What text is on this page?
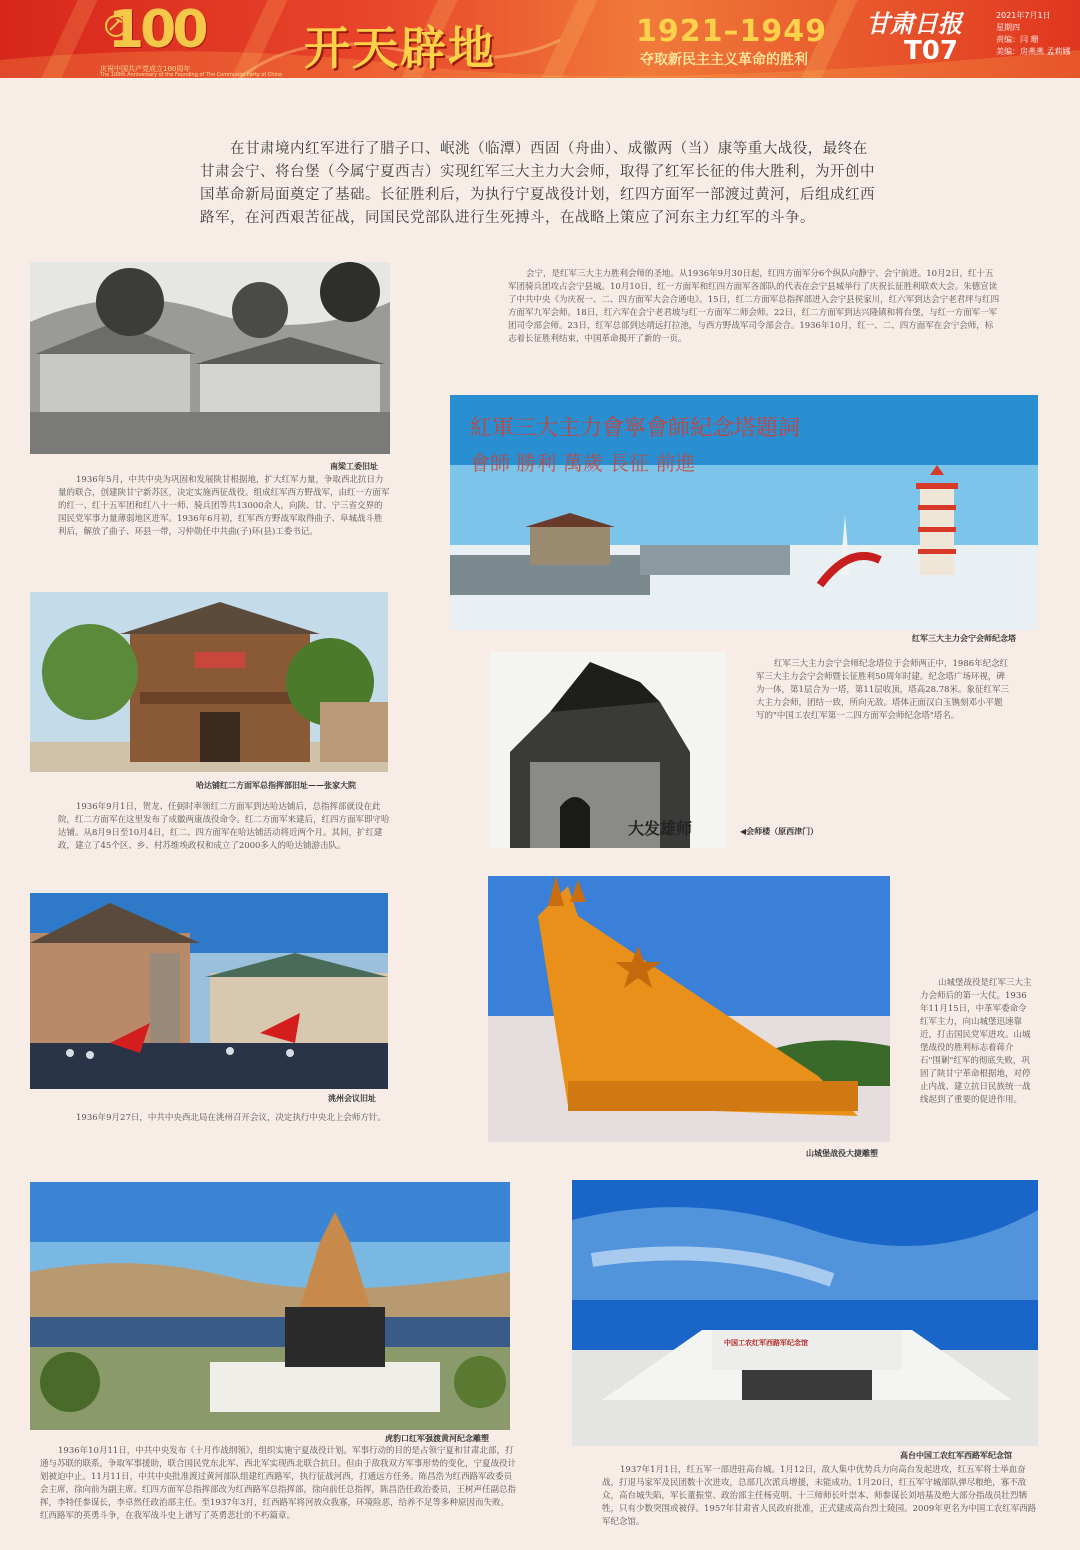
100
庆祝中国共产党成立100周年
The 100th Anniversary of the Founding of The Communist Party of China 开天辟地	1921–1949
夺取新民主主义革命的胜利
甘肃日报
T07
2021年7月1日
星期四
责编：闫 珊
美编：房燕燕 孟莉娜
在甘肃境内红军进行了腊子口、岷洮（临潭）西固（舟曲）、成徽两（当）康等重大战役，最终在甘肃会宁、将台堡（今属宁夏西吉）实现红军三大主力大会师，取得了红军长征的伟大胜利，为开创中国革命新局面奠定了基础。长征胜利后，为执行宁夏战役计划，红四方面军一部渡过黄河，后组成红西路军，在河西艰苦征战，同国民党部队进行生死搏斗，在战略上策应了河东主力红军的斗争。
南梁工委旧址
1936年5月，中共中央为巩固和发展陕甘根据地，扩大红军力量，争取西北抗日力量的联合，创建陕甘宁新苏区，决定实施西征战役。组成红军西方野战军，由红一方面军的红一、红十五军团和红八十一师、骑兵团等共13000余人，向陕、甘、宁三省交界的国民党军事力量薄弱地区进军。1936年6月初，红军西方野战军取得曲子、阜城战斗胜利后，解放了曲子、环县一带，习仲勋任中共曲(子)环(县)工委书记。
会宁，是红军三大主力胜利会师的圣地。从1936年9月30日起，红四方面军分6个纵队向静宁、会宁前进。10月2日，红十五军团骑兵团攻占会宁县城。10月10日，红一方面军和红四方面军各部队的代表在会宁县城举行了庆祝长征胜利联欢大会。朱德宣读了中共中央《为庆祝一、二、四方面军大会合通电》。15日，红二方面军总指挥部进入会宁县侯家川，红六军到达会宁老君坪与红四方面军九军会师。18日，红六军在会宁老君坡与红一方面军二师会师。22日，红二方面军到达兴隆镇和将台堡，与红一方面军一军团司令部会师。23日，红军总部到达靖远打拉池，与西方野战军司令部会合。1936年10月，红一、二、四方面军在会宁会师，标志着长征胜利结束，中国革命揭开了新的一页。
紅軍三大主力會寧會師紀念塔題詞
會師 勝利 萬歲 長征 前進
红军三大主力会宁会师纪念塔
哈达铺红二方面军总指挥部旧址——张家大院
1936年9月1日，贺龙、任弼时率领红二方面军到达哈达铺后，总指挥部就设在此院，红二方面军在这里发布了成徽两康战役命令。红二方面军来建后，红四方面军即守哈达铺。从8月9日至10月4日，红二、四方面军在哈达铺活动将近两个月。其间，扩红建政，建立了45个区、乡、村苏维埃政权和成立了2000多人的哈达铺游击队。
大发雄师
红军三大主力会宁会师纪念塔位于会师两正中，1986年纪念红军三大主力会宁会师暨长征胜利50周年时建。纪念塔广场环视，碑为一体，第1层合为一塔，第11层收顶，塔高28.78米。象征红军三大主力会师，团结一致，所向无敌。塔体正面汉白玉镌刻邓小平题写的"中国工农红军第一二四方面军会师纪念塔"塔名。
◀会师楼（原西津门）
洮州会议旧址
1936年9月27日，中共中央西北局在洮州召开会议，决定执行中央北上会师方针。
山城堡战役大捷雕塑
山城堡战役是红军三大主力会师后的第一大仗。1936年11月15日，中革军委命令红军主力，向山城堡迅速靠近，打击国民党军进攻。山城堡战役的胜利标志着蒋介石"围剿"红军的彻底失败，巩固了陕甘宁革命根据地，对停止内战、建立抗日民族统一战线起到了重要的促进作用。
虎豹口红军强渡黄河纪念雕塑
1936年10月11日，中共中央发布《十月作战纲领》，组织实施宁夏战役计划。军事行动的目的是占领宁夏和甘肃北部，打通与苏联的联系，争取军事援助，联合国民党东北军、西北军实现西北联合抗日。但由于敌我双方军事形势的变化，宁夏战役计划被迫中止。11月11日，中共中央批准渡过黄河部队组建红西路军，执行征战河西，打通远方任务。陈昌浩为红西路军政委员会主席，徐向前为副主席。红四方面军总指挥部改为红西路军总指挥部，徐向前任总指挥，陈昌浩任政治委员，王树声任副总指挥，李特任参谋长，李卓然任政治部主任。至1937年3月，红西路军将河放众我寡，环境险恶，给养不足等多种原因而失败。红西路军的英勇斗争，在我军战斗史上谱写了英勇悲壮的不朽篇章。
中国工农红军西路军纪念馆
高台中国工农红军西路军纪念馆
1937年1月1日，红五军一部进驻高台城。1月12日，敌人集中优势兵力向高台发起进攻，红五军将士举血奋战，打退马家军及民团数十次进攻，总部几次派兵增援，未能成功。1月20日，红五军守城部队弹尽粮绝，寡不敌众，高台城失陷，军长董振堂、政治部主任杨克明、十三师师长叶崇本、师参谋长刘培基及绝大部分指战员壮烈牺牲，只有少数突围或被俘。1957年甘肃省人民政府批准，正式建成高台烈士陵园。2009年更名为中国工农红军西路军纪念馆。
